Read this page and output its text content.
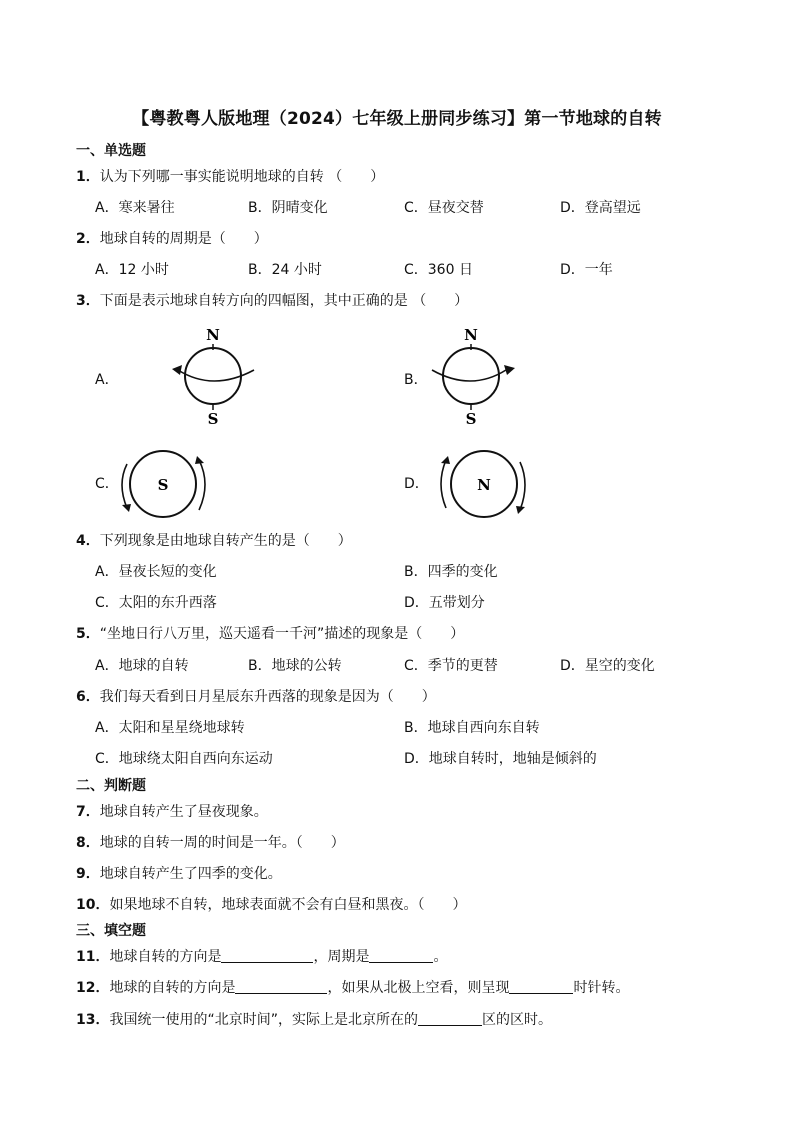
【粤教粤人版地理（2024）七年级上册同步练习】第一节地球的自转
一、单选题
1．认为下列哪一事实能说明地球的自转 （　　）
A．寒来暑往	B．阴晴变化	C．昼夜交替	D．登高望远
2．地球自转的周期是（　　）
A．12 小时	B．24 小时	C．360 日	D．一年
3．下面是表示地球自转方向的四幅图，其中正确的是 （　　）
A．	B．
C．	D．
N
S
N
S
S	N
4．下列现象是由地球自转产生的是（　　）
A．昼夜长短的变化	B．四季的变化
C．太阳的东升西落	D．五带划分
5．“坐地日行八万里，巡天遥看一千河”描述的现象是（　　）
A．地球的自转	B．地球的公转	C．季节的更替	D．星空的变化
6．我们每天看到日月星辰东升西落的现象是因为（　　）
A．太阳和星星绕地球转	B．地球自西向东自转
C．地球绕太阳自西向东运动	D．地球自转时，地轴是倾斜的
二、判断题
7．地球自转产生了昼夜现象。
8．地球的自转一周的时间是一年。（　　）
9．地球自转产生了四季的变化。
10．如果地球不自转，地球表面就不会有白昼和黑夜。（　　）
三、填空题
11．地球自转的方向是	，周期是	。
12．地球的自转的方向是	，如果从北极上空看，则呈现	时针转。
13．我国统一使用的“北京时间”，实际上是北京所在的	区的区时。
